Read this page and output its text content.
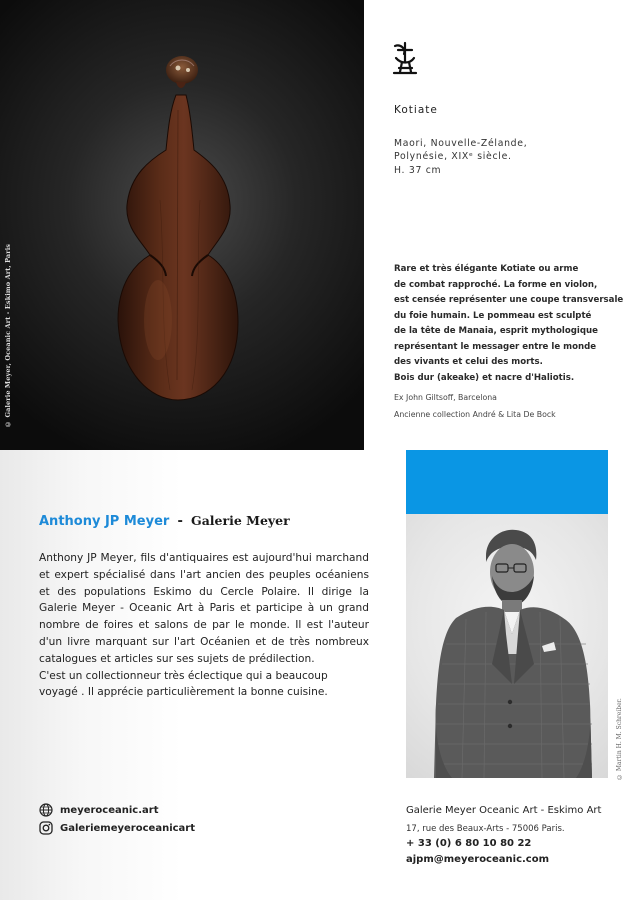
© Galerie Meyer, Oceanic Art - Eskimo Art, Paris
Kotiate
Maori, Nouvelle-Zélande,
Polynésie, XIXᵉ siècle.
H. 37 cm
Rare et très élégante Kotiate ou arme
de combat rapproché. La forme en violon,
est censée représenter une coupe transversale
du foie humain. Le pommeau est sculpté
de la tête de Manaia, esprit mythologique
représentant le messager entre le monde
des vivants et celui des morts.
Bois dur (akeake) et nacre d'Haliotis.
Ex John Giltsoff, Barcelona
Ancienne collection André & Lita De Bock
Anthony JP Meyer - Galerie Meyer

Anthony JP Meyer, fils d'antiquaires est aujourd'hui marchand et expert spécialisé dans l'art ancien des peuples océaniens et des populations Eskimo du Cercle Polaire. Il dirige la Galerie Meyer - Oceanic Art à Paris et participe à un grand nombre de foires et salons de par le monde. Il est l'auteur d'un livre marquant sur l'art Océanien et de très nombreux catalogues et articles sur ses sujets de prédilection.

C'est un collectionneur très éclectique qui a beaucoup voyagé . Il apprécie particulièrement la bonne cuisine.

meyeroceanic.art
Galeriemeyeroceanicart
© Martin H. M. Schreiber.
Galerie Meyer Oceanic Art - Eskimo Art
17, rue des Beaux-Arts - 75006 Paris.
+ 33 (0) 6 80 10 80 22
ajpm@meyeroceanic.com
